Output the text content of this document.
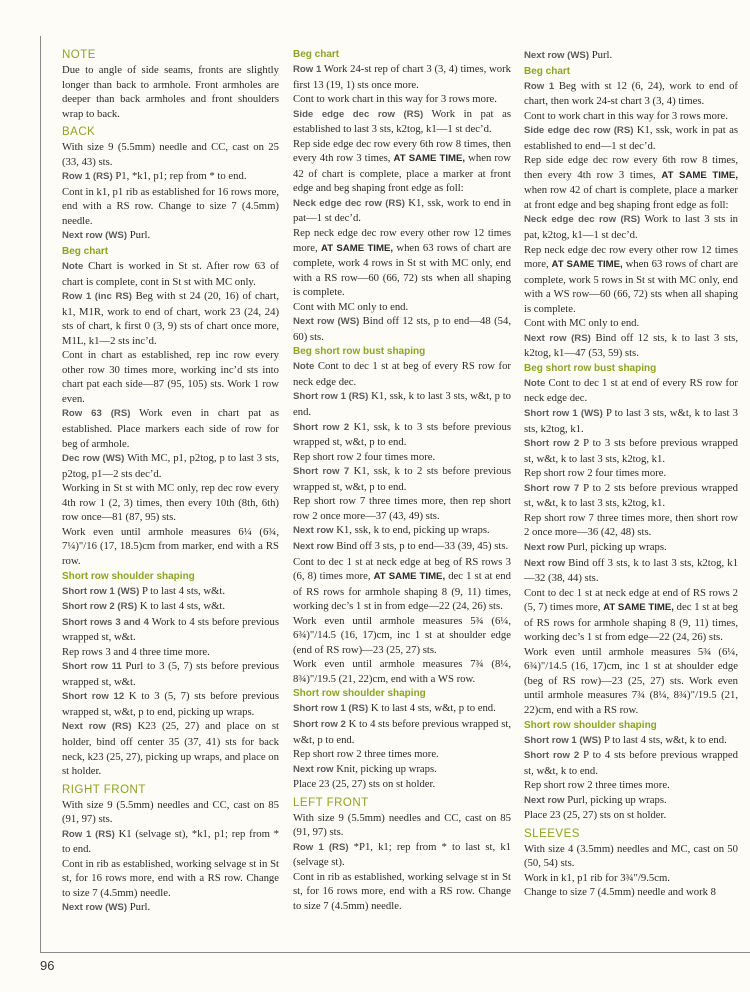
96
NOTE

Due to angle of side seams, fronts are slightly longer than back to armhole. Front armholes are deeper than back armholes and front shoulders wrap to back.

BACK

With size 9 (5.5mm) needle and CC, cast on 25 (33, 43) sts.

Row 1 (RS) P1, *k1, p1; rep from * to end.

Cont in k1, p1 rib as established for 16 rows more, end with a RS row. Change to size 7 (4.5mm) needle.

Next row (WS) Purl.

Beg chart

Note Chart is worked in St st. After row 63 of chart is complete, cont in St st with MC only.

Row 1 (inc RS) Beg with st 24 (20, 16) of chart, k1, M1R, work to end of chart, work 23 (24, 24) sts of chart, k first 0 (3, 9) sts of chart once more, M1L, k1—2 sts inc’d.

Cont in chart as established, rep inc row every other row 30 times more, working inc’d sts into chart pat each side—87 (95, 105) sts. Work 1 row even.

Row 63 (RS) Work even in chart pat as established. Place markers each side of row for beg of armhole.

Dec row (WS) With MC, p1, p2tog, p to last 3 sts, p2tog, p1—2 sts dec’d.

Working in St st with MC only, rep dec row every 4th row 1 (2, 3) times, then every 10th (8th, 6th) row once—81 (87, 95) sts.

Work even until armhole measures 6¼ (6¾, 7¼)"/16 (17, 18.5)cm from marker, end with a RS row.

Short row shoulder shaping

Short row 1 (WS) P to last 4 sts, w&t.

Short row 2 (RS) K to last 4 sts, w&t.

Short rows 3 and 4 Work to 4 sts before previous wrapped st, w&t.

Rep rows 3 and 4 three time more.

Short row 11 Purl to 3 (5, 7) sts before previous wrapped st, w&t.

Short row 12 K to 3 (5, 7) sts before previous wrapped st, w&t, p to end, picking up wraps.

Next row (RS) K23 (25, 27) and place on st holder, bind off center 35 (37, 41) sts for back neck, k23 (25, 27), picking up wraps, and place on st holder.

RIGHT FRONT

With size 9 (5.5mm) needles and CC, cast on 85 (91, 97) sts.

Row 1 (RS) K1 (selvage st), *k1, p1; rep from * to end.

Cont in rib as established, working selvage st in St st, for 16 rows more, end with a RS row. Change to size 7 (4.5mm) needle.

Next row (WS) Purl.

Beg chart

Row 1 Work 24-st rep of chart 3 (3, 4) times, work first 13 (19, 1) sts once more.

Cont to work chart in this way for 3 rows more.

Side edge dec row (RS) Work in pat as established to last 3 sts, k2tog, k1—1 st dec’d.

Rep side edge dec row every 6th row 8 times, then every 4th row 3 times, AT SAME TIME, when row 42 of chart is complete, place a marker at front edge and beg shaping front edge as foll:

Neck edge dec row (RS) K1, ssk, work to end in pat—1 st dec’d.

Rep neck edge dec row every other row 12 times more, AT SAME TIME, when 63 rows of chart are complete, work 4 rows in St st with MC only, end with a RS row—60 (66, 72) sts when all shaping is complete.

Cont with MC only to end.

Next row (WS) Bind off 12 sts, p to end—48 (54, 60) sts.

Beg short row bust shaping

Note Cont to dec 1 st at beg of every RS row for neck edge dec.

Short row 1 (RS) K1, ssk, k to last 3 sts, w&t, p to end.

Short row 2 K1, ssk, k to 3 sts before previous wrapped st, w&t, p to end.

Rep short row 2 four times more.

Short row 7 K1, ssk, k to 2 sts before previous wrapped st, w&t, p to end.

Rep short row 7 three times more, then rep short row 2 once more—37 (43, 49) sts.

Next row K1, ssk, k to end, picking up wraps.

Next row Bind off 3 sts, p to end—33 (39, 45) sts.

Cont to dec 1 st at neck edge at beg of RS rows 3 (6, 8) times more, AT SAME TIME, dec 1 st at end of RS rows for armhole shaping 8 (9, 11) times, working dec’s 1 st in from edge—22 (24, 26) sts.

Work even until armhole measures 5¾ (6¼, 6¾)"/14.5 (16, 17)cm, inc 1 st at shoulder edge (end of RS row)—23 (25, 27) sts.

Work even until armhole measures 7¾ (8¼, 8¾)"/19.5 (21, 22)cm, end with a WS row.

Short row shoulder shaping

Short row 1 (RS) K to last 4 sts, w&t, p to end.

Short row 2 K to 4 sts before previous wrapped st, w&t, p to end.

Rep short row 2 three times more.

Next row Knit, picking up wraps.

Place 23 (25, 27) sts on st holder.

LEFT FRONT

With size 9 (5.5mm) needles and CC, cast on 85 (91, 97) sts.

Row 1 (RS) *P1, k1; rep from * to last st, k1 (selvage st).

Cont in rib as established, working selvage st in St st, for 16 rows more, end with a RS row. Change to size 7 (4.5mm) needle.

Next row (WS) Purl.

Beg chart

Row 1 Beg with st 12 (6, 24), work to end of chart, then work 24-st chart 3 (3, 4) times.

Cont to work chart in this way for 3 rows more.

Side edge dec row (RS) K1, ssk, work in pat as established to end—1 st dec’d.

Rep side edge dec row every 6th row 8 times, then every 4th row 3 times, AT SAME TIME, when row 42 of chart is complete, place a marker at front edge and beg shaping front edge as foll:

Neck edge dec row (RS) Work to last 3 sts in pat, k2tog, k1—1 st dec’d.

Rep neck edge dec row every other row 12 times more, AT SAME TIME, when 63 rows of chart are complete, work 5 rows in St st with MC only, end with a WS row—60 (66, 72) sts when all shaping is complete.

Cont with MC only to end.

Next row (RS) Bind off 12 sts, k to last 3 sts, k2tog, k1—47 (53, 59) sts.

Beg short row bust shaping

Note Cont to dec 1 st at end of every RS row for neck edge dec.

Short row 1 (WS) P to last 3 sts, w&t, k to last 3 sts, k2tog, k1.

Short row 2 P to 3 sts before previous wrapped st, w&t, k to last 3 sts, k2tog, k1.

Rep short row 2 four times more.

Short row 7 P to 2 sts before previous wrapped st, w&t, k to last 3 sts, k2tog, k1.

Rep short row 7 three times more, then short row 2 once more—36 (42, 48) sts.

Next row Purl, picking up wraps.

Next row Bind off 3 sts, k to last 3 sts, k2tog, k1—32 (38, 44) sts.

Cont to dec 1 st at neck edge at end of RS rows 2 (5, 7) times more, AT SAME TIME, dec 1 st at beg of RS rows for armhole shaping 8 (9, 11) times, working dec’s 1 st from edge—22 (24, 26) sts.

Work even until armhole measures 5¾ (6¼, 6¾)"/14.5 (16, 17)cm, inc 1 st at shoulder edge (beg of RS row)—23 (25, 27) sts. Work even until armhole measures 7¾ (8¼, 8¾)"/19.5 (21, 22)cm, end with a RS row.

Short row shoulder shaping

Short row 1 (WS) P to last 4 sts, w&t, k to end.

Short row 2 P to 4 sts before previous wrapped st, w&t, k to end.

Rep short row 2 three times more.

Next row Purl, picking up wraps.

Place 23 (25, 27) sts on st holder.

SLEEVES

With size 4 (3.5mm) needles and MC, cast on 50 (50, 54) sts.

Work in k1, p1 rib for 3¾"/9.5cm.

Change to size 7 (4.5mm) needle and work 8
